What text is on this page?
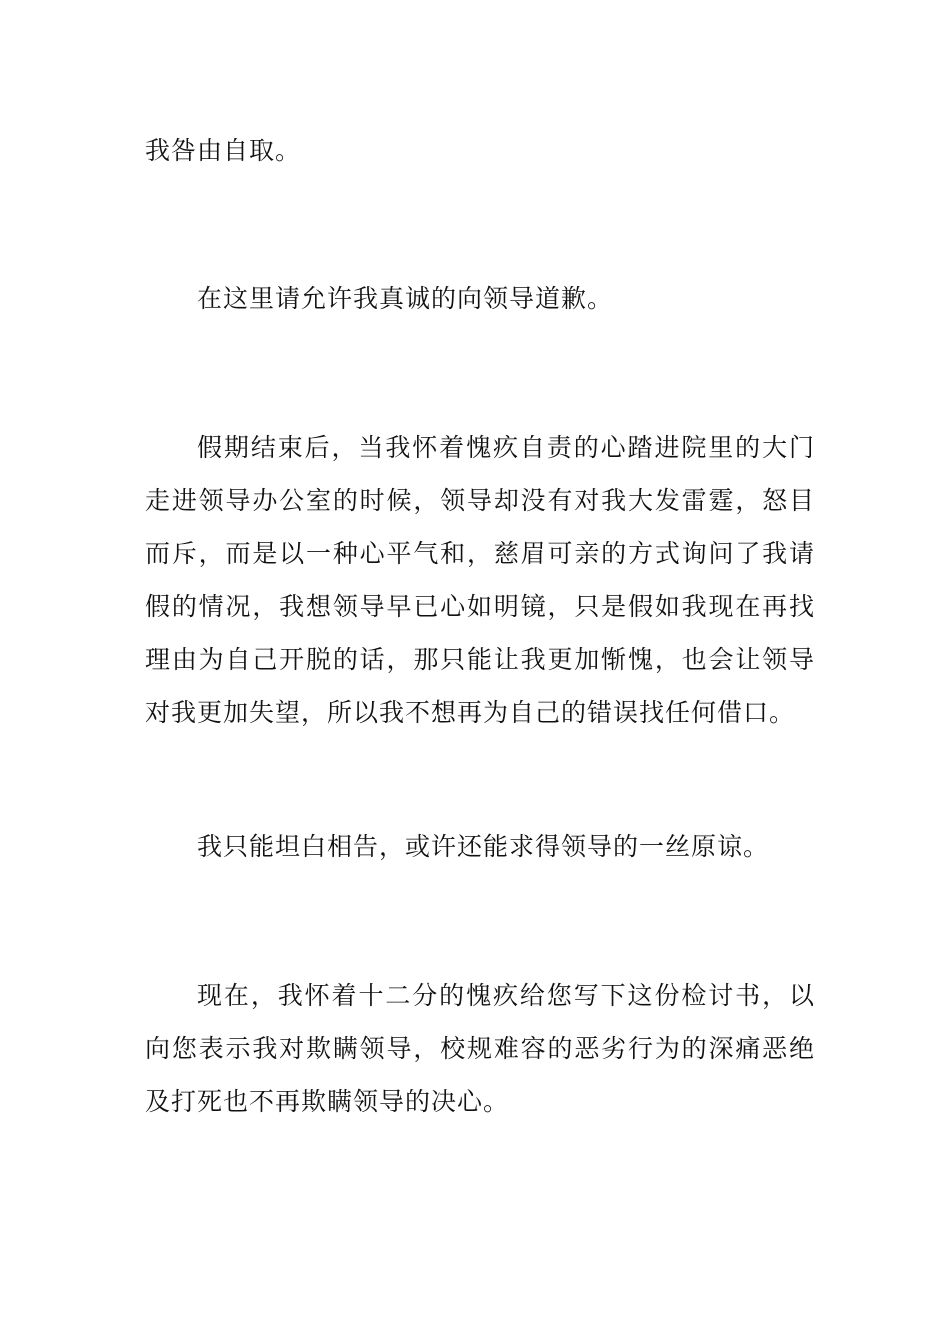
我咎由自取。

在这里请允许我真诚的向领导道歉。

假期结束后，当我怀着愧疚自责的心踏进院里的大门走进领导办公室的时候，领导却没有对我大发雷霆，怒目而斥，而是以一种心平气和，慈眉可亲的方式询问了我请假的情况，我想领导早已心如明镜，只是假如我现在再找理由为自己开脱的话，那只能让我更加惭愧，也会让领导对我更加失望，所以我不想再为自己的错误找任何借口。

我只能坦白相告，或许还能求得领导的一丝原谅。

现在，我怀着十二分的愧疚给您写下这份检讨书，以向您表示我对欺瞒领导，校规难容的恶劣行为的深痛恶绝及打死也不再欺瞒领导的决心。
